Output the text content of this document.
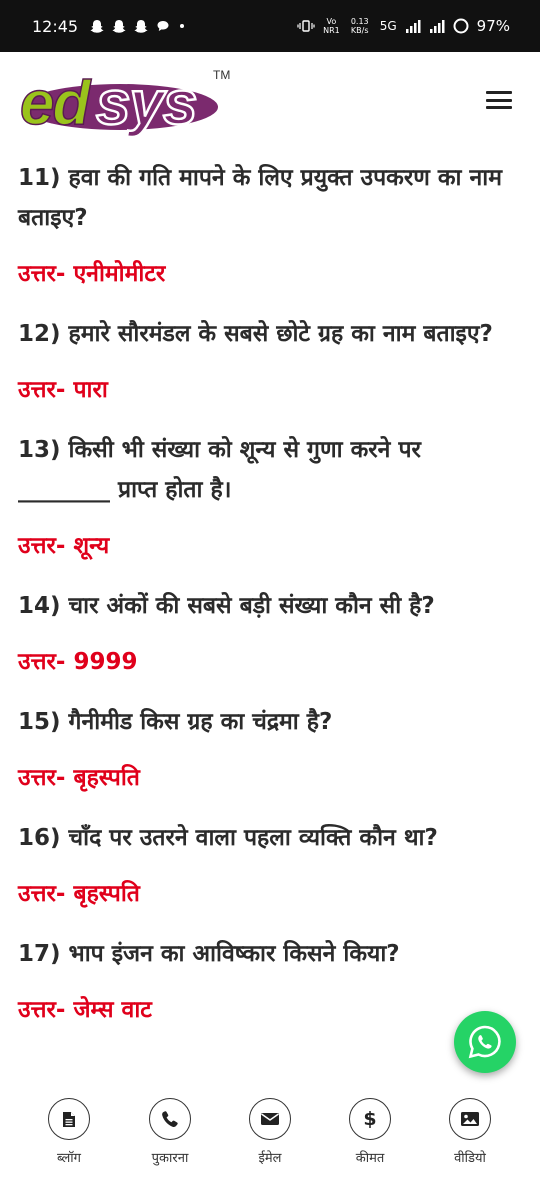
12:45	Vo
NR1
0.13 KB/s 5G	97%
ed sys TM

11) हवा की गति मापने के लिए प्रयुक्त उपकरण का नाम बताइए?

उत्तर- एनीमोमीटर

12) हमारे सौरमंडल के सबसे छोटे ग्रह का नाम बताइए?

उत्तर- पारा

13) किसी भी संख्या को शून्य से गुणा करने पर ________ प्राप्त होता है।

उत्तर- शून्य

14) चार अंकों की सबसे बड़ी संख्या कौन सी है?

उत्तर- 9999

15) गैनीमीड किस ग्रह का चंद्रमा है?

उत्तर- बृहस्पति

16) चाँद पर उतरने वाला पहला व्यक्ति कौन था?

उत्तर- बृहस्पति

17) भाप इंजन का आविष्कार किसने किया?

उत्तर- जेम्स वाट

ब्लॉग	पुकारना	ईमेल
$
कीमत	वीडियो
